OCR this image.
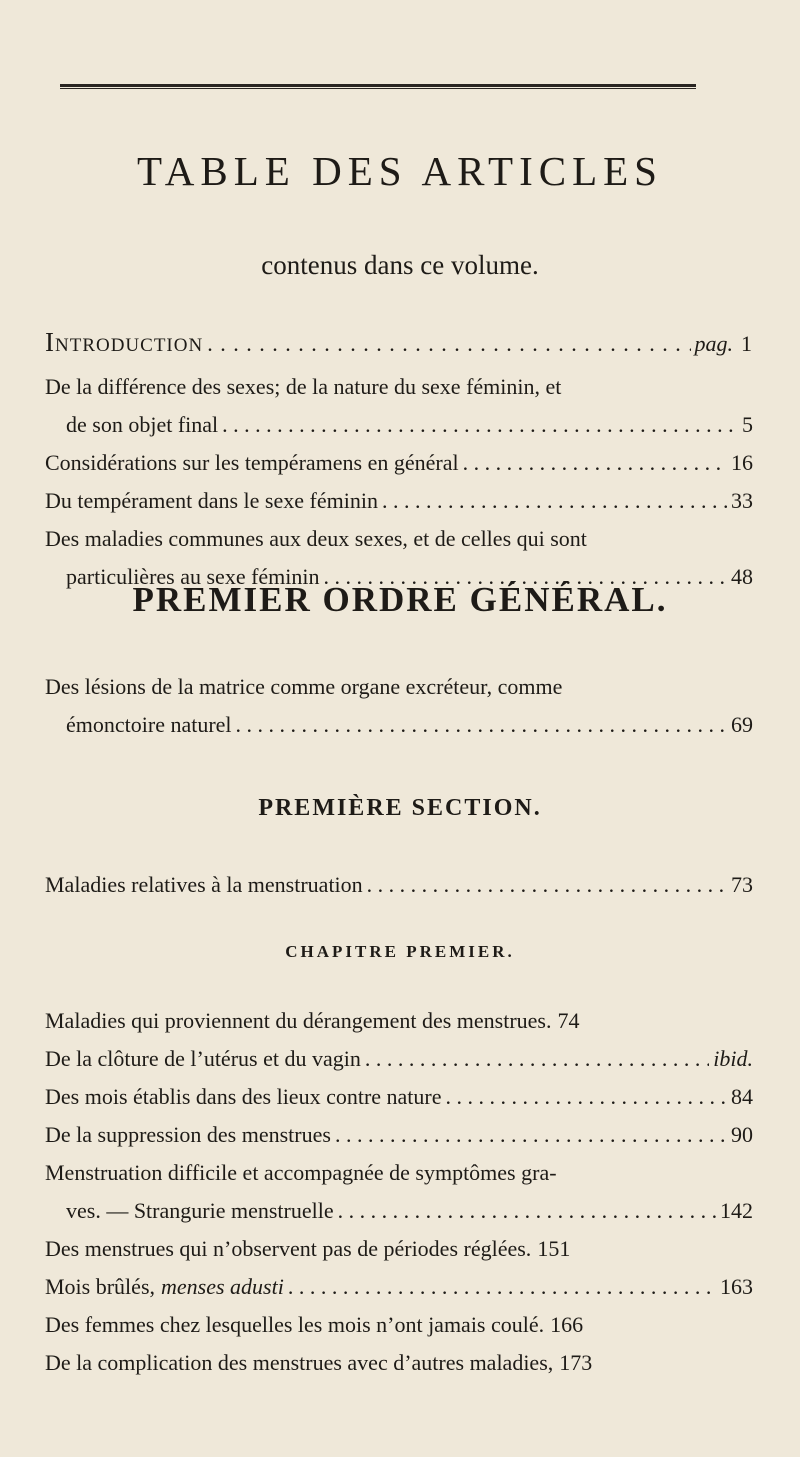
TABLE DES ARTICLES
contenus dans ce volume.
Introduction . . .	pag. 1
De la différence des sexes; de la nature du sexe féminin, et
de son objet final . . .	5
Considérations sur les tempéramens en général . . .	16
Du tempérament dans le sexe féminin . . .	33
Des maladies communes aux deux sexes, et de celles qui sont
particulières au sexe féminin . . .	48
PREMIER ORDRE GÉNÉRAL.
Des lésions de la matrice comme organe excréteur, comme
émonctoire naturel . . .	69
PREMIÈRE SECTION.
Maladies relatives à la menstruation . . .	73
CHAPITRE PREMIER.
Maladies qui proviennent du dérangement des menstrues. 74
De la clôture de l’utérus et du vagin . . .	ibid.
Des mois établis dans des lieux contre nature . . .	84
De la suppression des menstrues . . .	90
Menstruation difficile et accompagnée de symptômes gra-
ves. — Strangurie menstruelle . . .	142
Des menstrues qui n’observent pas de périodes réglées. 151
Mois brûlés, menses adusti . . .	163
Des femmes chez lesquelles les mois n’ont jamais coulé. 166
De la complication des menstrues avec d’autres maladies, 173
